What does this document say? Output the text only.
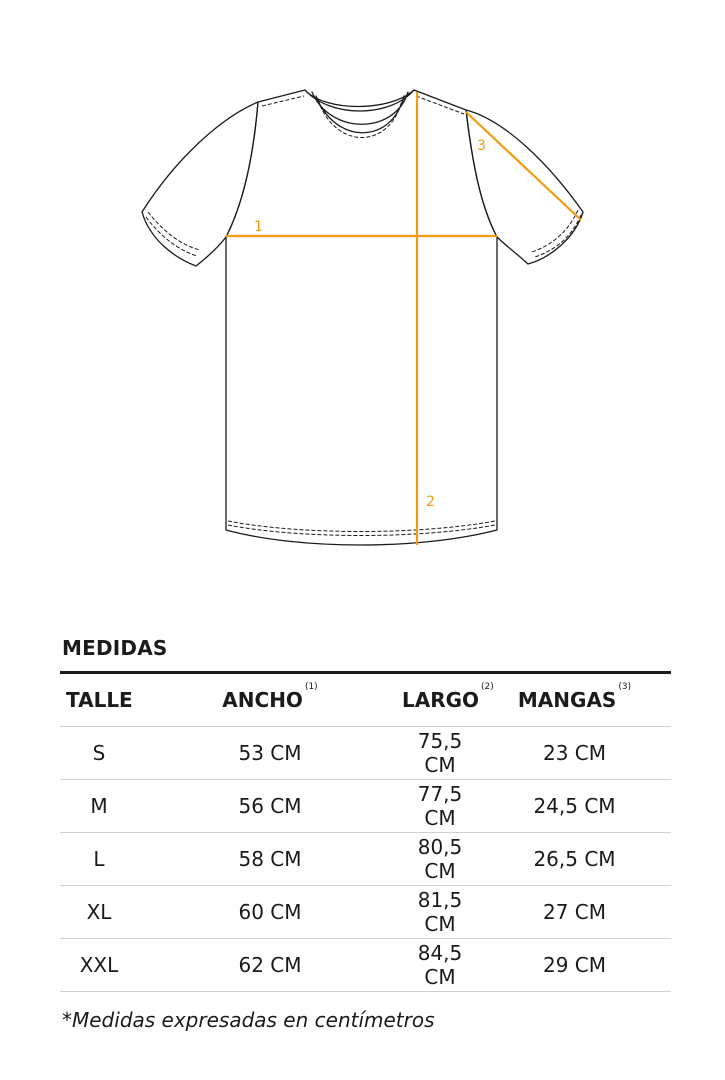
1
2
3
MEDIDAS
TALLE	ANCHO$^{(1)}$	LARGO$^{(2)}$	MANGAS$^{(3)}$
S	53 CM	75,5 CM	23 CM
M	56 CM	77,5 CM	24,5 CM
L	58 CM	80,5 CM	26,5 CM
XL	60 CM	81,5 CM	27 CM
XXL	62 CM	84,5 CM	29 CM

*Medidas expresadas en centímetros
